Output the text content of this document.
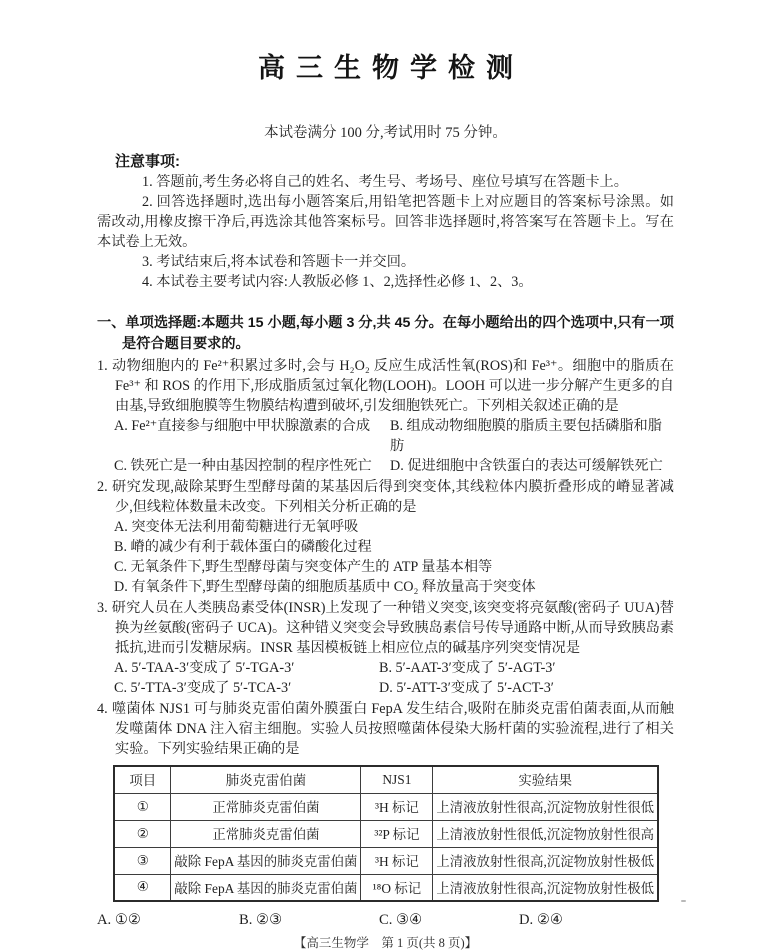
高三生物学检测
本试卷满分 100 分,考试用时 75 分钟。
注意事项:
1. 答题前,考生务必将自己的姓名、考生号、考场号、座位号填写在答题卡上。
2. 回答选择题时,选出每小题答案后,用铅笔把答题卡上对应题目的答案标号涂黑。如需改动,用橡皮擦干净后,再选涂其他答案标号。回答非选择题时,将答案写在答题卡上。写在本试卷上无效。
3. 考试结束后,将本试卷和答题卡一并交回。
4. 本试卷主要考试内容:人教版必修 1、2,选择性必修 1、2、3。
一、单项选择题:本题共 15 小题,每小题 3 分,共 45 分。在每小题给出的四个选项中,只有一项是符合题目要求的。
1. 动物细胞内的 Fe²⁺积累过多时,会与 H₂O₂ 反应生成活性氧(ROS)和 Fe³⁺。细胞中的脂质在 Fe³⁺ 和 ROS 的作用下,形成脂质氢过氧化物(LOOH)。LOOH 可以进一步分解产生更多的自由基,导致细胞膜等生物膜结构遭到破坏,引发细胞铁死亡。下列相关叙述正确的是
A. Fe²⁺直接参与细胞中甲状腺激素的合成	B. 组成动物细胞膜的脂质主要包括磷脂和脂肪
C. 铁死亡是一种由基因控制的程序性死亡	D. 促进细胞中含铁蛋白的表达可缓解铁死亡
2. 研究发现,敲除某野生型酵母菌的某基因后得到突变体,其线粒体内膜折叠形成的嵴显著减少,但线粒体数量未改变。下列相关分析正确的是
A. 突变体无法利用葡萄糖进行无氧呼吸
B. 嵴的减少有利于载体蛋白的磷酸化过程
C. 无氧条件下,野生型酵母菌与突变体产生的 ATP 量基本相等
D. 有氧条件下,野生型酵母菌的细胞质基质中 CO₂ 释放量高于突变体
3. 研究人员在人类胰岛素受体(INSR)上发现了一种错义突变,该突变将亮氨酸(密码子 UUA)替换为丝氨酸(密码子 UCA)。这种错义突变会导致胰岛素信号传导通路中断,从而导致胰岛素抵抗,进而引发糖尿病。INSR 基因模板链上相应位点的碱基序列突变情况是
A. 5′-TAA-3′变成了 5′-TGA-3′	B. 5′-AAT-3′变成了 5′-AGT-3′
C. 5′-TTA-3′变成了 5′-TCA-3′	D. 5′-ATT-3′变成了 5′-ACT-3′
4. 噬菌体 NJS1 可与肺炎克雷伯菌外膜蛋白 FepA 发生结合,吸附在肺炎克雷伯菌表面,从而触发噬菌体 DNA 注入宿主细胞。实验人员按照噬菌体侵染大肠杆菌的实验流程,进行了相关实验。下列实验结果正确的是
项目	肺炎克雷伯菌	NJS1	实验结果
①	正常肺炎克雷伯菌	³H 标记	上清液放射性很高,沉淀物放射性很低
②	正常肺炎克雷伯菌	³²P 标记	上清液放射性很低,沉淀物放射性很高
③	敲除 FepA 基因的肺炎克雷伯菌	³H 标记	上清液放射性很高,沉淀物放射性极低
④	敲除 FepA 基因的肺炎克雷伯菌	¹⁸O 标记	上清液放射性很高,沉淀物放射性极低
A. ①②	B. ②③	C. ③④	D. ②④
【高三生物学　第 1 页(共 8 页)】
